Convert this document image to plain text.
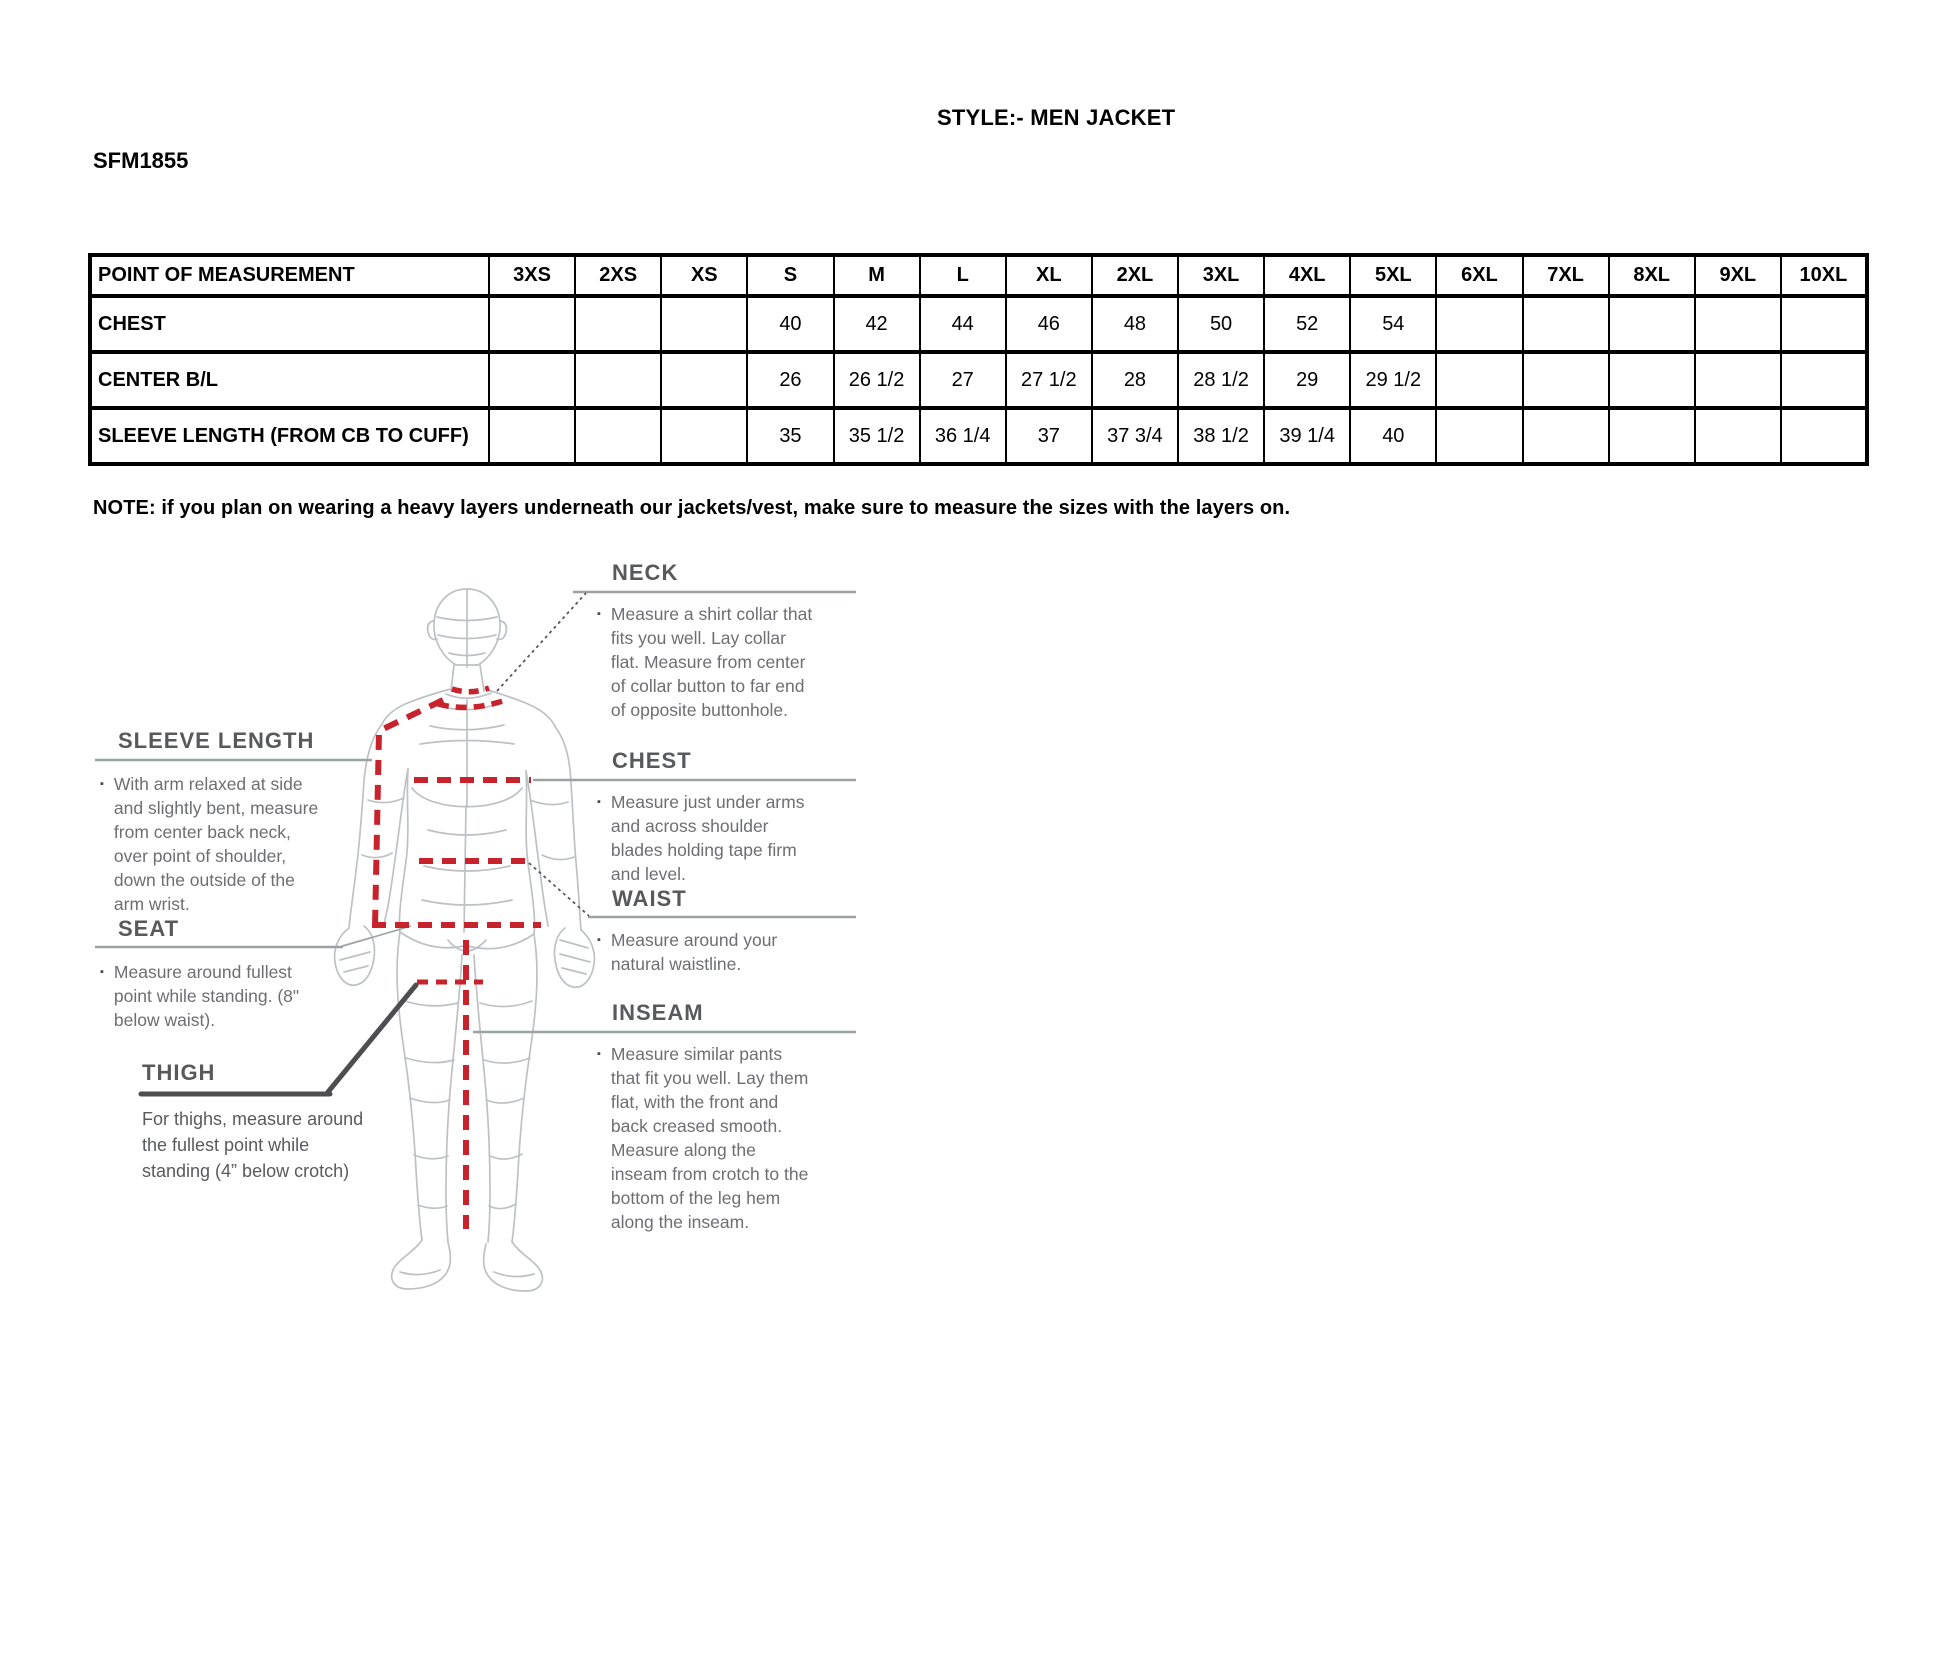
STYLE:- MEN JACKET
SFM1855
POINT OF MEASUREMENT	3XS	2XS	XS	S	M	L	XL	2XL	3XL	4XL	5XL	6XL	7XL	8XL	9XL	10XL
CHEST				40	42	44	46	48	50	52	54					
CENTER B/L				26	26 1/2	27	27 1/2	28	28 1/2	29	29 1/2					
SLEEVE LENGTH (FROM CB TO CUFF)				35	35 1/2	36 1/4	37	37 3/4	38 1/2	39 1/4	40					
NOTE: if you plan on wearing a heavy layers underneath our jackets/vest, make sure to measure the sizes with the layers on.
NECK
▪ Measure a shirt collar that fits you well. Lay collar flat. Measure from center of collar button to far end of opposite buttonhole.

CHEST
▪ Measure just under arms and across shoulder blades holding tape firm and level.

WAIST
▪ Measure around your natural waistline.

INSEAM
▪ Measure similar pants that fit you well. Lay them flat, with the front and back creased smooth. Measure along the inseam from crotch to the bottom of the leg hem along the inseam.

SLEEVE LENGTH
▪ With arm relaxed at side and slightly bent, measure from center back neck, over point of shoulder, down the outside of the arm wrist.

SEAT
▪ Measure around fullest point while standing. (8" below waist).

THIGH

For thighs, measure around the fullest point while standing (4” below crotch)
